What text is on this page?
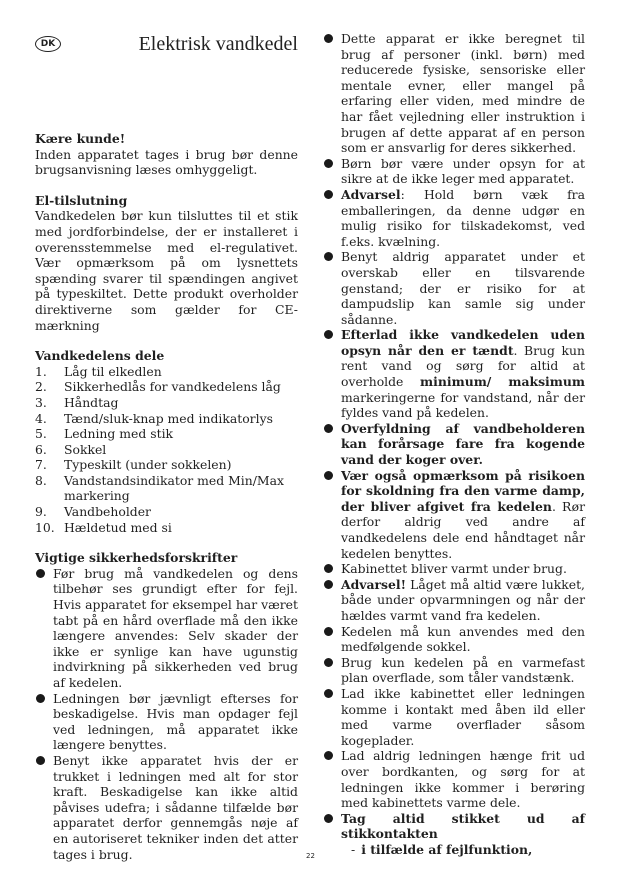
DK	Elektrisk vandkedel

Kære kunde!

Inden apparatet tages i brug bør denne brugsanvisning læses omhyggeligt.

El-tilslutning

Vandkedelen bør kun tilsluttes til et stik med jordforbindelse, der er installeret i overensstemmelse med el-regulativet. Vær opmærksom på om lysnettets spænding svarer til spændingen angivet på typeskiltet. Dette produkt overholder direktiverne som gælder for CE-mærkning

Vandkedelens dele

1. Låg til elkedlen
2. Sikkerhedlås for vandkedelens låg
3. Håndtag
4. Tænd/sluk-knap med indikatorlys
5. Ledning med stik
6. Sokkel
7. Typeskilt (under sokkelen)
8. Vandstandsindikator med Min/Max markering
9. Vandbeholder
10. Hældetud med si

Vigtige sikkerhedsforskrifter

Før brug må vandkedelen og dens tilbehør ses grundigt efter for fejl. Hvis apparatet for eksempel har været tabt på en hård overflade må den ikke længere anvendes: Selv skader der ikke er synlige kan have ugunstig indvirkning på sikkerheden ved brug af kedelen.
Ledningen bør jævnligt efterses for beskadigelse. Hvis man opdager fejl ved ledningen, må apparatet ikke længere benyttes.
Benyt ikke apparatet hvis der er trukket i ledningen med alt for stor kraft. Beskadigelse kan ikke altid påvises udefra; i sådanne tilfælde bør apparatet derfor gennemgås nøje af en autoriseret tekniker inden det atter tages i brug.
Dette apparat er ikke beregnet til brug af personer (inkl. børn) med reducerede fysiske, sensoriske eller mentale evner, eller mangel på erfaring eller viden, med mindre de har fået vejledning eller instruktion i brugen af dette apparat af en person som er ansvarlig for deres sikkerhed.
Børn bør være under opsyn for at sikre at de ikke leger med apparatet.
Advarsel: Hold børn væk fra emballeringen, da denne udgør en mulig risiko for tilskadekomst, ved f.eks. kvælning.
Benyt aldrig apparatet under et overskab eller en tilsvarende genstand; der er risiko for at dampudslip kan samle sig under sådanne.
Efterlad ikke vandkedelen uden opsyn når den er tændt. Brug kun rent vand og sørg for altid at overholde minimum/ maksimum markeringerne for vandstand, når der fyldes vand på kedelen.
Overfyldning af vandbeholderen kan forårsage fare fra kogende vand der koger over.
Vær også opmærksom på risikoen for skoldning fra den varme damp, der bliver afgivet fra kedelen. Rør derfor aldrig ved andre af vandkedelens dele end håndtaget når kedelen benyttes.
Kabinettet bliver varmt under brug.
Advarsel! Låget må altid være lukket, både under opvarmningen og når der hældes varmt vand fra kedelen.
Kedelen må kun anvendes med den medfølgende sokkel.
Brug kun kedelen på en varmefast plan overflade, som tåler vandstænk.
Lad ikke kabinettet eller ledningen komme i kontakt med åben ild eller med varme overflader såsom kogeplader.
Lad aldrig ledningen hænge frit ud over bordkanten, og sørg for at ledningen ikke kommer i berøring med kabinettets varme dele.
Tag altid stikket ud af stikkontakten
- i tilfælde af fejlfunktion,
22
